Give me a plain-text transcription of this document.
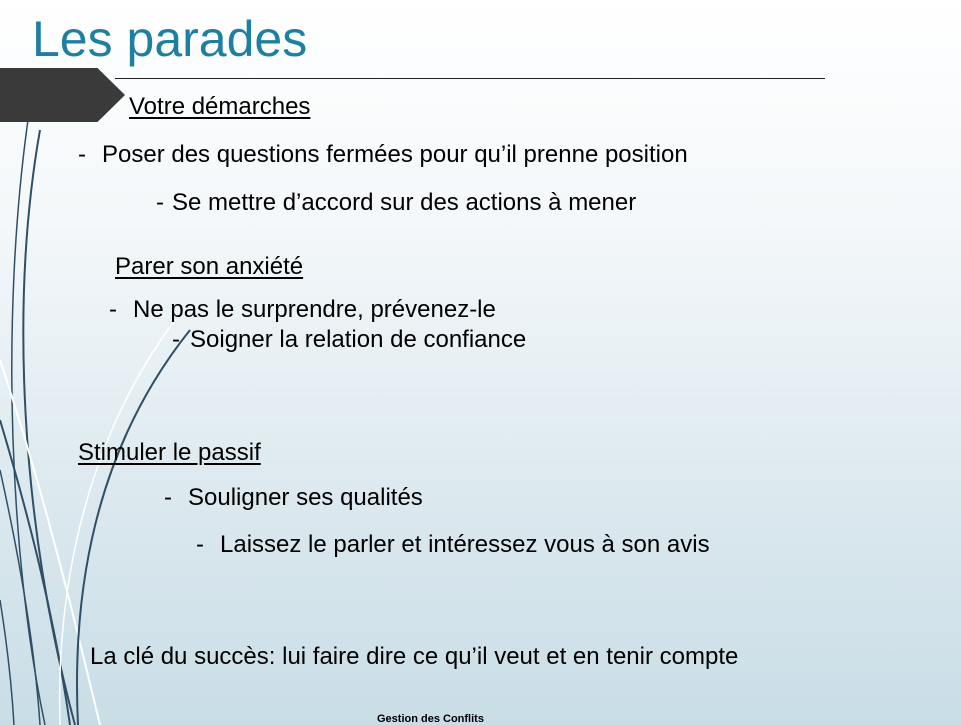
Les parades
Votre démarches
- Poser des questions fermées pour qu’il prenne position
- Se mettre d’accord sur des actions à mener
Parer son anxiété
- Ne pas le surprendre, prévenez-le
- Soigner la relation de confiance
Stimuler le passif
- Souligner ses qualités
- Laissez le parler et intéressez vous à son avis
La clé du succès: lui faire dire ce qu’il veut et en tenir compte
Gestion des Conflits
